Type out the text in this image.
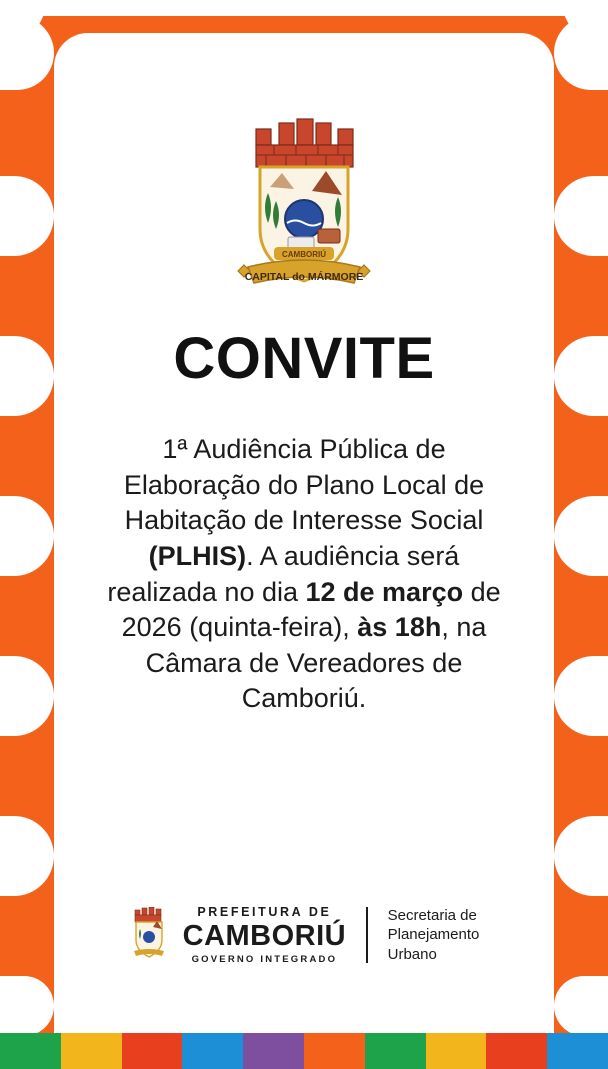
CAMBORIÚ
CAPITAL do MÁRMORE
CONVITE
1ª Audiência Pública de
Elaboração do Plano Local de
Habitação de Interesse Social
(PLHIS). A audiência será
realizada no dia 12 de março de
2026 (quinta-feira), às 18h, na
Câmara de Vereadores de
Camboriú.
PREFEITURA DE
CAMBORIÚ
GOVERNO INTEGRADO
Secretaria de
Planejamento
Urbano
